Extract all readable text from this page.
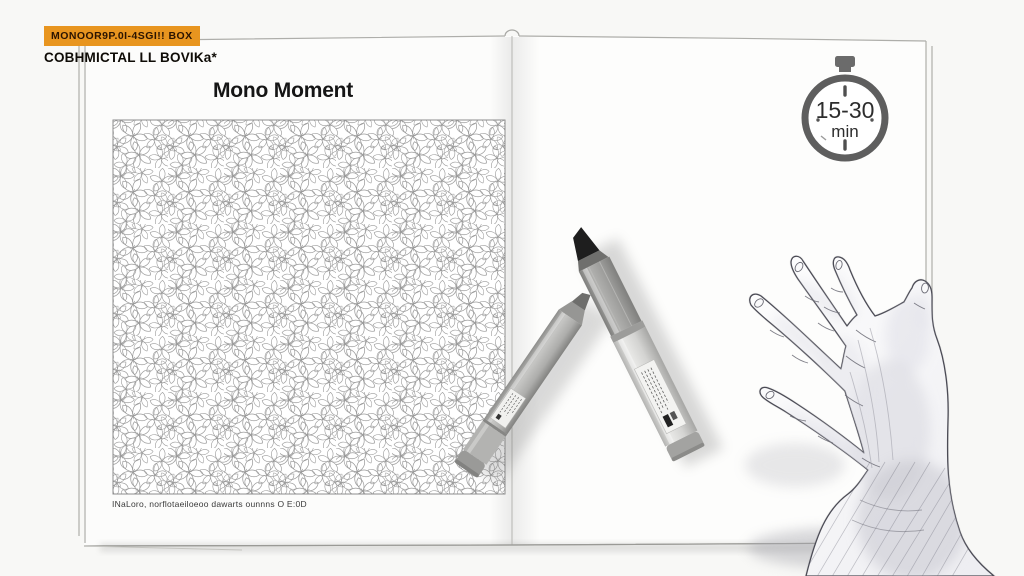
MONOOR9P.0I-4SGI!! BOX
COBHMICTAL LL BOVIKa*
Mono Moment
INaLoro, norflotaeiloeoo dawarts ounnns O E:0D
15-30
min
